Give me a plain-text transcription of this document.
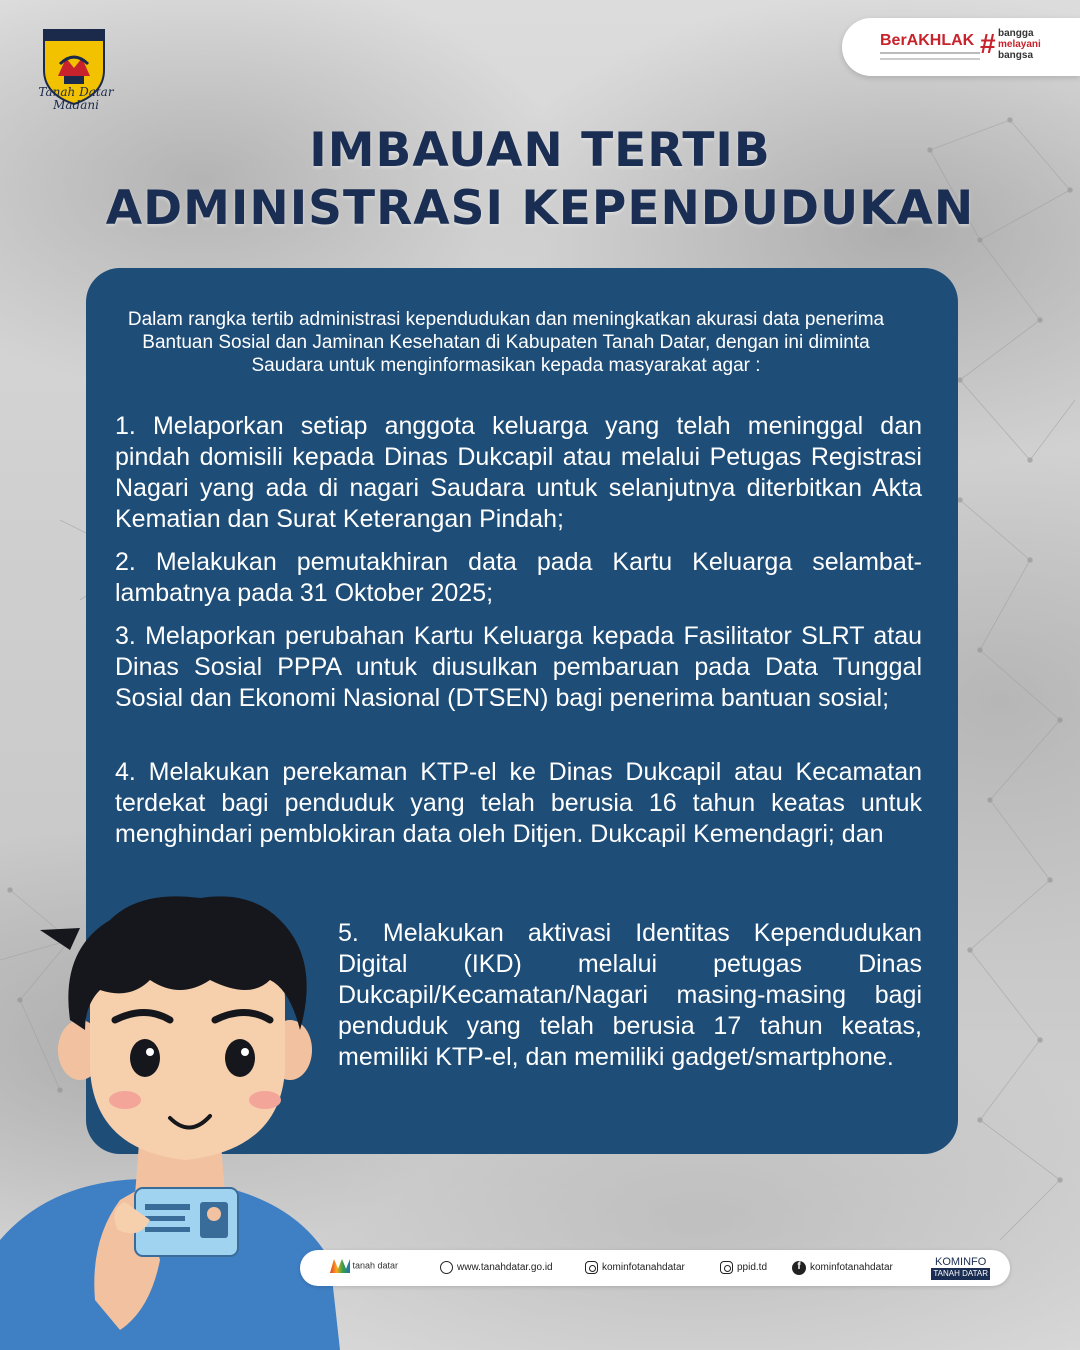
Tanah Datar Madani
BerAKHLAK # bangga
melayani
bangsa
IMBAUAN TERTIB
ADMINISTRASI KEPENDUDUKAN
Dalam rangka tertib administrasi kependudukan dan meningkatkan akurasi data penerima Bantuan Sosial dan Jaminan Kesehatan di Kabupaten Tanah Datar, dengan ini diminta Saudara untuk menginformasikan kepada masyarakat agar :
1. Melaporkan setiap anggota keluarga yang telah meninggal dan pindah domisili kepada Dinas Dukcapil atau melalui Petugas Registrasi Nagari yang ada di nagari Saudara untuk selanjutnya diterbitkan Akta Kematian dan Surat Keterangan Pindah;
2. Melakukan pemutakhiran data pada Kartu Keluarga selambat-lambatnya pada 31 Oktober 2025;
3. Melaporkan perubahan Kartu Keluarga kepada Fasilitator SLRT atau Dinas Sosial PPPA untuk diusulkan pembaruan pada Data Tunggal Sosial dan Ekonomi Nasional (DTSEN) bagi penerima bantuan sosial;
4. Melakukan perekaman KTP-el ke Dinas Dukcapil atau Kecamatan terdekat bagi penduduk yang telah berusia 16 tahun keatas untuk menghindari pemblokiran data oleh Ditjen. Dukcapil Kemendagri; dan
5. Melakukan aktivasi Identitas Kependudukan Digital (IKD) melalui petugas Dinas Dukcapil/Kecamatan/Nagari masing-masing bagi penduduk yang telah berusia 17 tahun keatas, memiliki KTP-el, dan memiliki gadget/smartphone.
tanah datar	www.tanahdatar.go.id	kominfotanahdatar	ppid.td	f kominfotanahdatar	KOMINFO
TANAH DATAR
